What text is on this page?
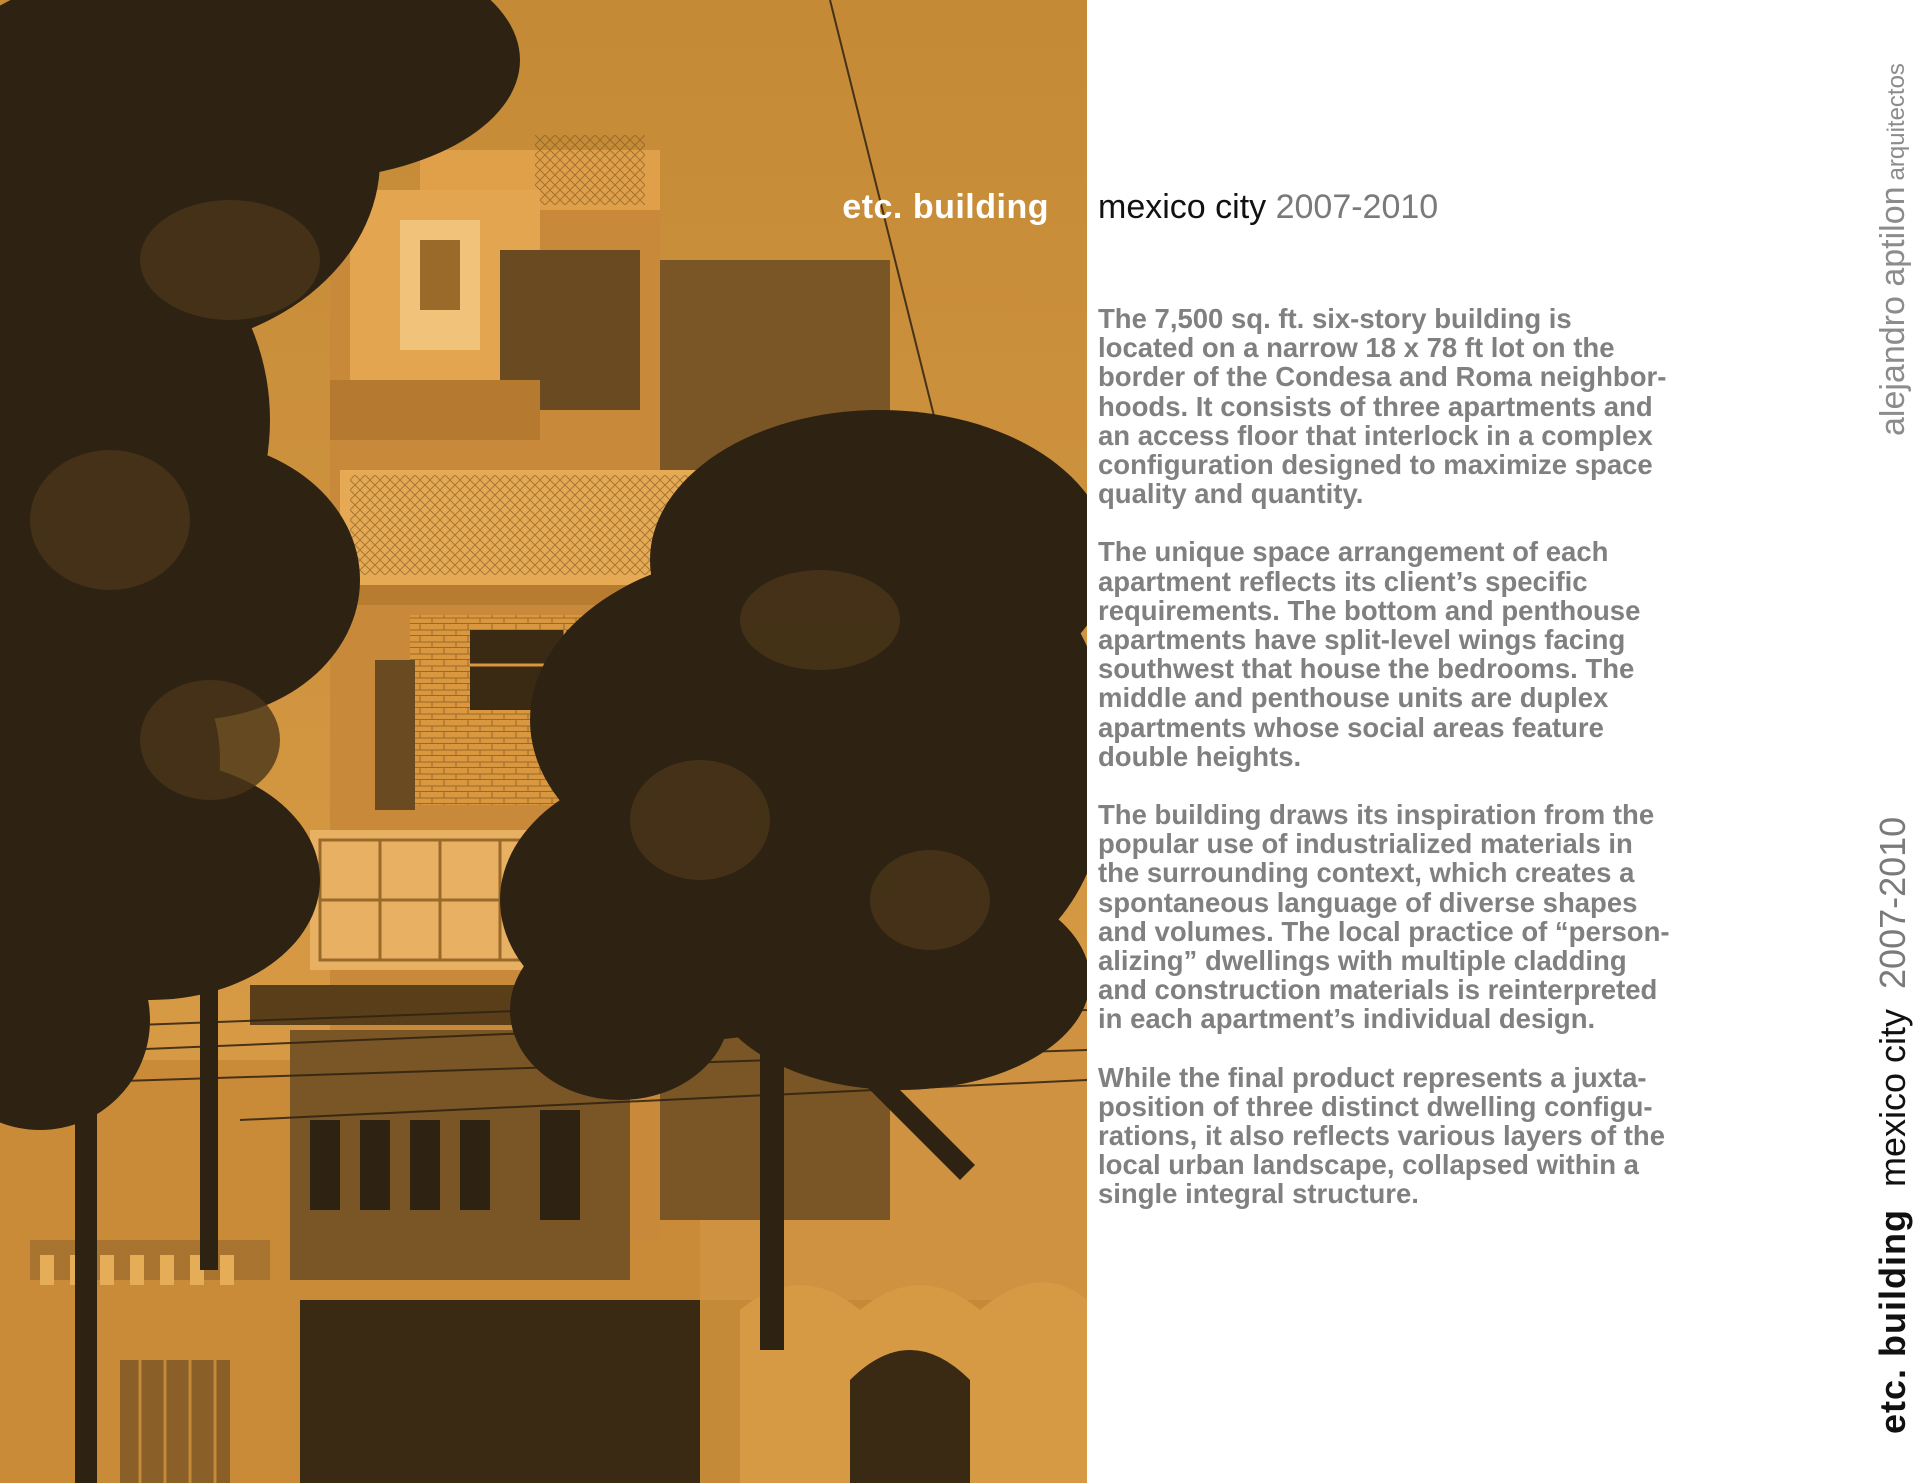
etc. building mexico city 2007-2010

The 7,500 sq. ft. six-story building is
located on a narrow 18 x 78 ft lot on the
border of the Condesa and Roma neighbor-
hoods. It consists of three apartments and
an access floor that interlock in a complex
configuration designed to maximize space
quality and quantity.

The unique space arrangement of each
apartment reflects its client’s specific
requirements. The bottom and penthouse
apartments have split-level wings facing
southwest that house the bedrooms. The
middle and penthouse units are duplex
apartments whose social areas feature
double heights.

The building draws its inspiration from the
popular use of industrialized materials in
the surrounding context, which creates a
spontaneous language of diverse shapes
and volumes. The local practice of “person-
alizing” dwellings with multiple cladding
and construction materials is reinterpreted
in each apartment’s individual design.

While the final product represents a juxta-
position of three distinct dwelling configu-
rations, it also reflects various layers of the
local urban landscape, collapsed within a
single integral structure.

alejandro aptilonarquitectos
etc. buildingmexico city2007-2010
